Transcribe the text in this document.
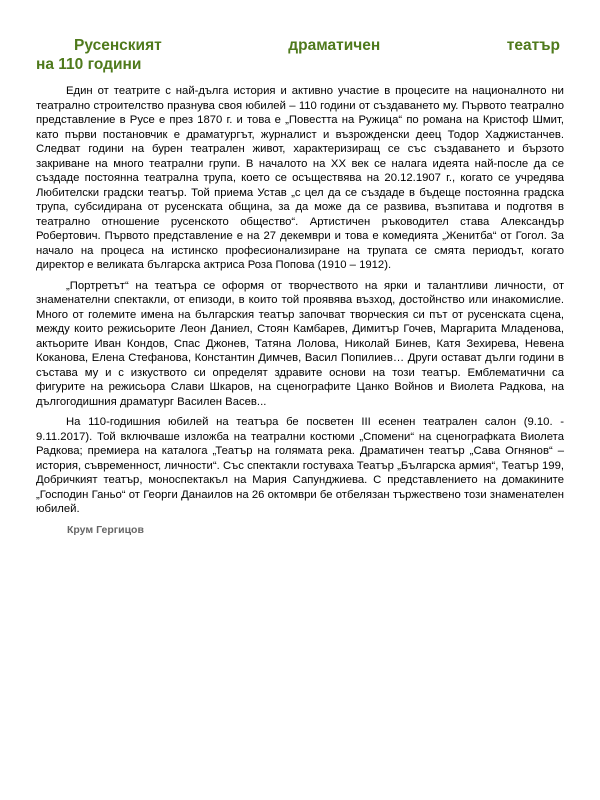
Русенският	драматичен	театър
на 110 години

Един от театрите с най-дълга история и активно участие в процесите на националното ни театрално строителство празнува своя юбилей – 110 години от създаването му. Първото театрално представление в Русе е през 1870 г. и това е „Повестта на Ружица“ по романа на Кристоф Шмит, като първи постановчик е драматургът, журналист и възрожденски деец Тодор Хаджистанчев. Следват години на бурен театрален живот, характеризиращ се със създаването и бързото закриване на много театрални групи. В началото на XX век се налага идеята най-после да се създаде постоянна театрална трупа, което се осъществява на 20.12.1907 г., когато се учредява Любителски градски театър. Той приема Устав „с цел да се създаде в бъдеще постоянна градска трупа, субсидирана от русенската община, за да може да се развива, възпитава и подготвя в театрално отношение русенското общество“. Артистичен ръководител става Александър Робертович. Първото представление е на 27 декември и това е комедията „Женитба“ от Гогол. За начало на процеса на истинско професионализиране на трупата се смята периодът, когато директор е великата българска актриса Роза Попова (1910 – 1912).

„Портретът“ на театъра се оформя от творчеството на ярки и талантливи личности, от знаменателни спектакли, от епизоди, в които той проявява възход, достойнство или инакомислие. Много от големите имена на българския театър започват творческия си път от русенската сцена, между които режисьорите Леон Даниел, Стоян Камбарев, Димитър Гочев, Маргарита Младенова, актьорите Иван Кондов, Спас Джонев, Татяна Лолова, Николай Бинев, Катя Зехирева, Невена Коканова, Елена Стефанова, Константин Димчев, Васил Попилиев… Други остават дълги години в състава му и с изкуството си определят здравите основи на този театър. Емблематични са фигурите на режисьора Слави Шкаров, на сценографите Цанко Войнов и Виолета Радкова, на дългогодишния драматург Василен Васев...

На 110-годишния юбилей на театъра бе посветен III есенен театрален салон (9.10. - 9.11.2017). Той включваше изложба на театрални костюми „Спомени“ на сценографката Виолета Радкова; премиера на каталога „Театър на голямата река. Драматичен театър „Сава Огнянов“ – история, съвременност, личности“. Със спектакли гостуваха Театър „Българска армия“, Театър 199, Добричкият театър, моноспектакъл на Мария Сапунджиева. С представлението на домакините „Господин Ганьо“ от Георги Данаилов на 26 октомври бе отбелязан тържествено този знаменателен юбилей.

Крум Гергицов
